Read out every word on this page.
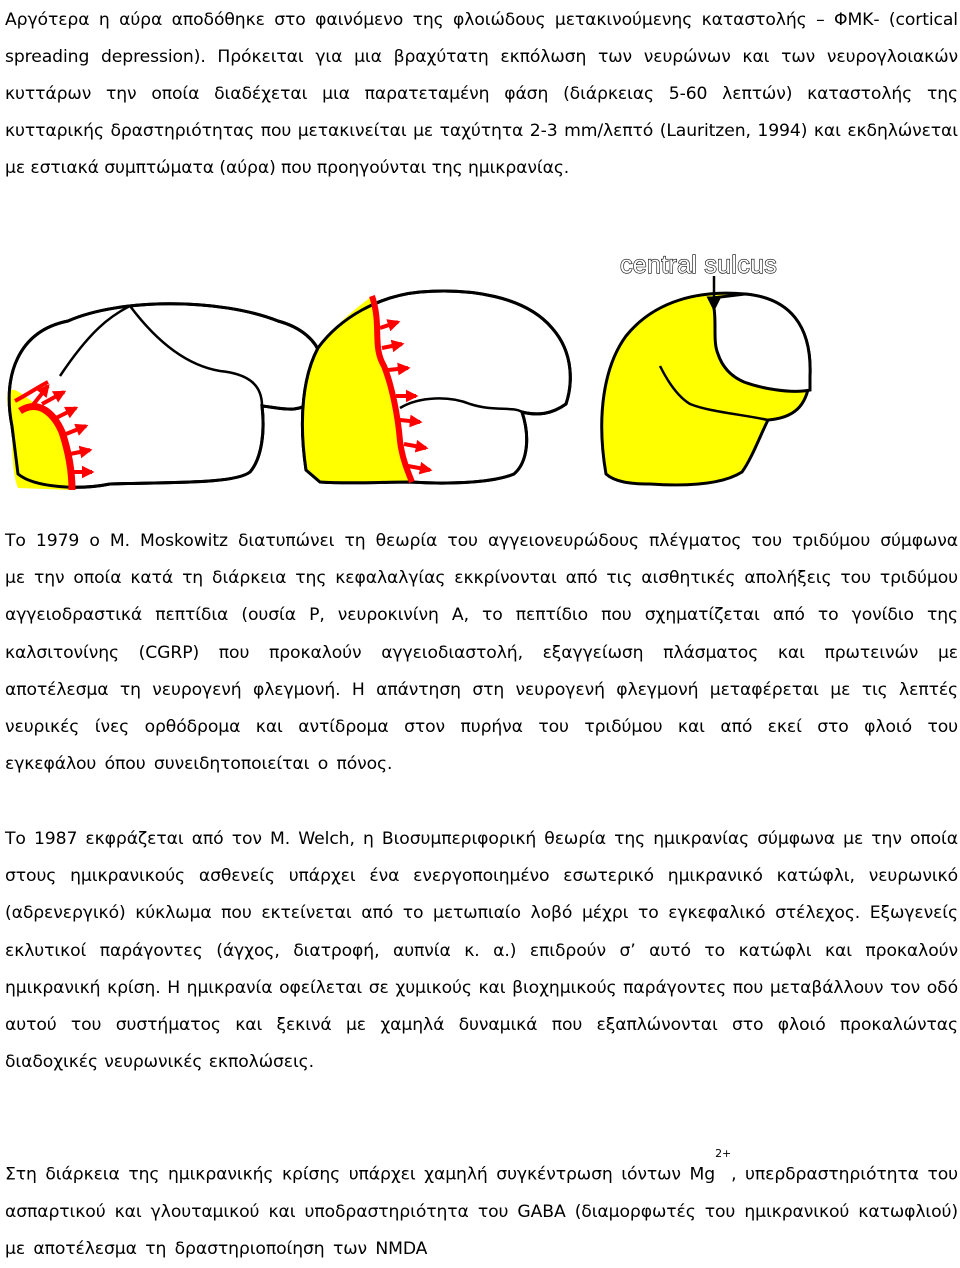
Αργότερα η αύρα αποδόθηκε στο φαινόμενο της φλοιώδους μετακινούμενης καταστολής – ΦΜΚ- (cortical spreading depression). Πρόκειται για μια βραχύτατη εκπόλωση των νευρώνων και των νευρογλοιακών κυττάρων την οποία διαδέχεται μια παρατεταμένη φάση (διάρκειας 5-60 λεπτών) καταστολής της κυτταρικής δραστηριότητας που μετακινείται με ταχύτητα 2-3 mm/λεπτό (Lauritzen, 1994) και εκδηλώνεται με εστιακά συμπτώματα (αύρα) που προηγούνται της ημικρανίας.

central sulcus

Το 1979 ο Μ. Moskowitz διατυπώνει τη θεωρία του αγγειονευρώδους πλέγματος του τριδύμου σύμφωνα με την οποία κατά τη διάρκεια της κεφαλαλγίας εκκρίνονται από τις αισθητικές απολήξεις του τριδύμου αγγειοδραστικά πεπτίδια (ουσία Ρ, νευροκινίνη Α, το πεπτίδιο που σχηματίζεται από το γονίδιο της καλσιτονίνης (CGRP) που προκαλούν αγγειοδιαστολή, εξαγγείωση πλάσματος και πρωτεινών με αποτέλεσμα τη νευρογενή φλεγμονή. Η απάντηση στη νευρογενή φλεγμονή μεταφέρεται με τις λεπτές νευρικές ίνες ορθόδρομα και αντίδρομα στον πυρήνα του τριδύμου και από εκεί στο φλοιό του εγκεφάλου όπου συνειδητοποιείται ο πόνος.

Το 1987 εκφράζεται από τον Μ. Welch, η Βιοσυμπεριφορική θεωρία της ημικρανίας σύμφωνα με την οποία στους ημικρανικούς ασθενείς υπάρχει ένα ενεργοποιημένο εσωτερικό ημικρανικό κατώφλι, νευρωνικό (αδρενεργικό) κύκλωμα που εκτείνεται από το μετωπιαίο λοβό μέχρι το εγκεφαλικό στέλεχος. Εξωγενείς εκλυτικοί παράγοντες (άγχος, διατροφή, αυπνία κ. α.) επιδρούν σ’ αυτό το κατώφλι και προκαλούν ημικρανική κρίση. Η ημικρανία οφείλεται σε χυμικούς και βιοχημικούς παράγοντες που μεταβάλλουν τον οδό αυτού του συστήματος και ξεκινά με χαμηλά δυναμικά που εξαπλώνονται στο φλοιό προκαλώντας διαδοχικές νευρωνικές εκπολώσεις.

Στη διάρκεια της ημικρανικής κρίσης υπάρχει χαμηλή συγκέντρωση ιόντων $Mg^{2+}$, υπερδραστηριότητα του ασπαρτικού και γλουταμικού και υποδραστηριότητα του GABA (διαμορφωτές του ημικρανικού κατωφλιού) με αποτέλεσμα τη δραστηριοποίηση των NMDA
